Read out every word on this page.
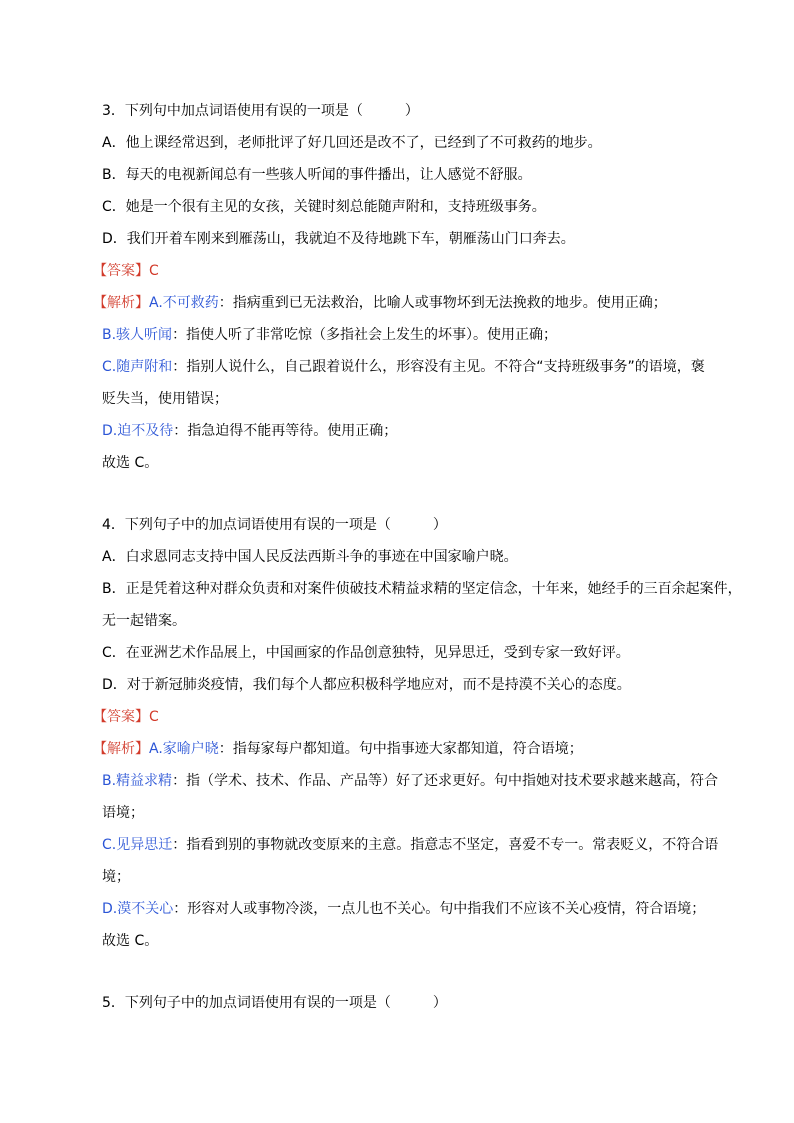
3．下列句中加点词语使用有误的一项是（　　　）
A．他上课经常迟到，老师批评了好几回还是改不了，已经到了不可救药的地步。
B．每天的电视新闻总有一些骇人听闻的事件播出，让人感觉不舒服。
C．她是一个很有主见的女孩，关键时刻总能随声附和，支持班级事务。
D．我们开着车刚来到雁荡山，我就迫不及待地跳下车，朝雁荡山门口奔去。
【答案】C
【解析】A.不可救药：指病重到已无法救治，比喻人或事物坏到无法挽救的地步。使用正确；
B.骇人听闻：指使人听了非常吃惊（多指社会上发生的坏事）。使用正确；
C.随声附和：指别人说什么，自己跟着说什么，形容没有主见。不符合“支持班级事务”的语境，褒
贬失当，使用错误；
D.迫不及待：指急迫得不能再等待。使用正确；
故选 C。
4．下列句子中的加点词语使用有误的一项是（　　　）
A．白求恩同志支持中国人民反法西斯斗争的事迹在中国家喻户晓。
B．正是凭着这种对群众负责和对案件侦破技术精益求精的坚定信念，十年来，她经手的三百余起案件，
无一起错案。
C．在亚洲艺术作品展上，中国画家的作品创意独特，见异思迁，受到专家一致好评。
D．对于新冠肺炎疫情，我们每个人都应积极科学地应对，而不是持漠不关心的态度。
【答案】C
【解析】A.家喻户晓：指每家每户都知道。句中指事迹大家都知道，符合语境；
B.精益求精：指（学术、技术、作品、产品等）好了还求更好。句中指她对技术要求越来越高，符合
语境；
C.见异思迁：指看到别的事物就改变原来的主意。指意志不坚定，喜爱不专一。常表贬义，不符合语
境；
D.漠不关心：形容对人或事物冷淡，一点儿也不关心。句中指我们不应该不关心疫情，符合语境；
故选 C。
5．下列句子中的加点词语使用有误的一项是（　　　）
